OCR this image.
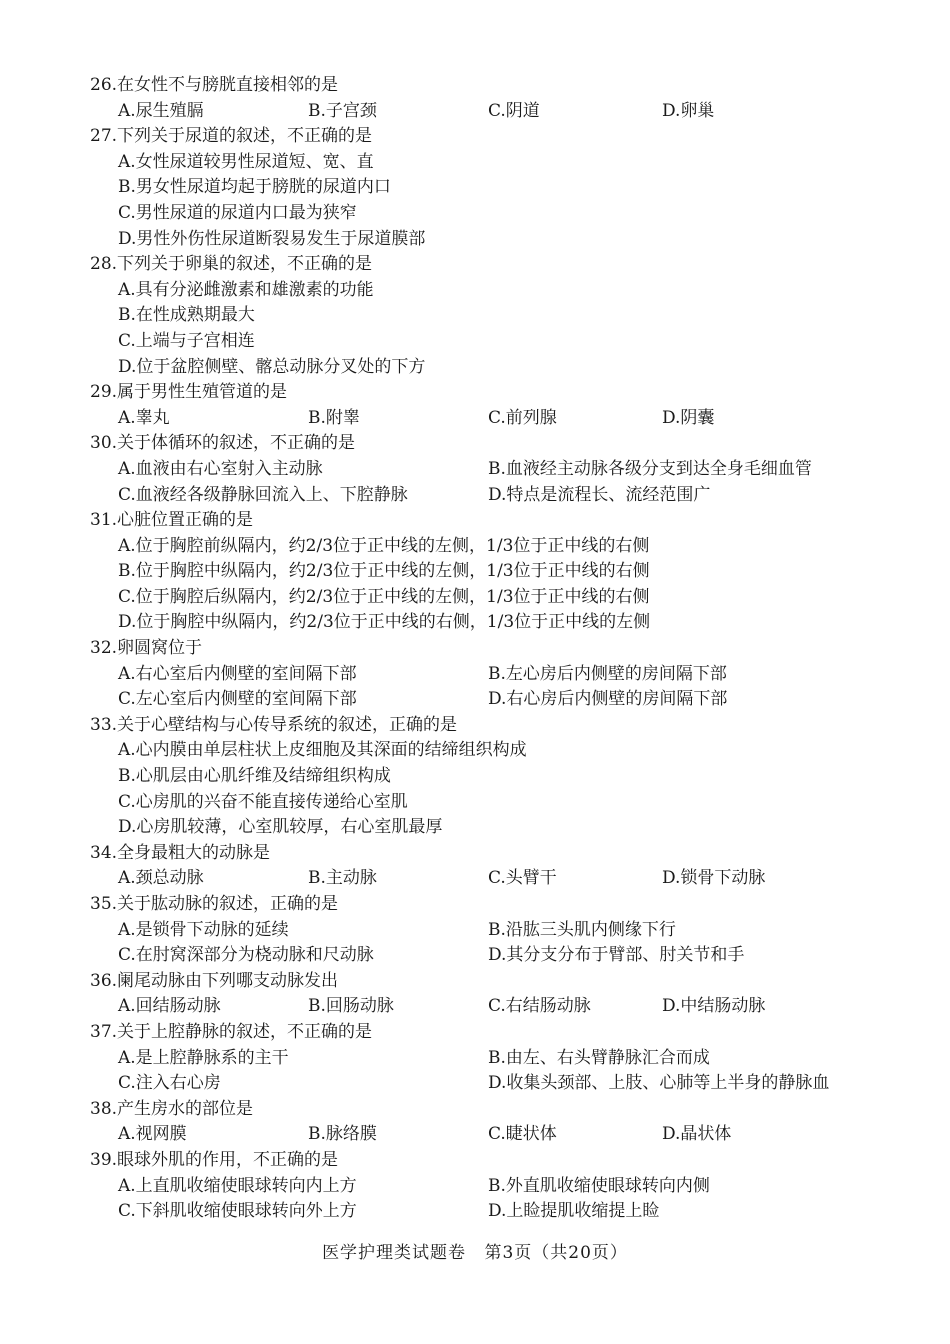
26.在女性不与膀胱直接相邻的是
A.尿生殖膈	B.子宫颈	C.阴道	D.卵巢
27.下列关于尿道的叙述，不正确的是
A.女性尿道较男性尿道短、宽、直
B.男女性尿道均起于膀胱的尿道内口
C.男性尿道的尿道内口最为狭窄
D.男性外伤性尿道断裂易发生于尿道膜部
28.下列关于卵巢的叙述，不正确的是
A.具有分泌雌激素和雄激素的功能
B.在性成熟期最大
C.上端与子宫相连
D.位于盆腔侧壁、髂总动脉分叉处的下方
29.属于男性生殖管道的是
A.睾丸	B.附睾	C.前列腺	D.阴囊
30.关于体循环的叙述，不正确的是
A.血液由右心室射入主动脉	B.血液经主动脉各级分支到达全身毛细血管
C.血液经各级静脉回流入上、下腔静脉	D.特点是流程长、流经范围广
31.心脏位置正确的是
A.位于胸腔前纵隔内，约2/3位于正中线的左侧，1/3位于正中线的右侧
B.位于胸腔中纵隔内，约2/3位于正中线的左侧，1/3位于正中线的右侧
C.位于胸腔后纵隔内，约2/3位于正中线的左侧，1/3位于正中线的右侧
D.位于胸腔中纵隔内，约2/3位于正中线的右侧，1/3位于正中线的左侧
32.卵圆窝位于
A.右心室后内侧壁的室间隔下部	B.左心房后内侧壁的房间隔下部
C.左心室后内侧壁的室间隔下部	D.右心房后内侧壁的房间隔下部
33.关于心壁结构与心传导系统的叙述，正确的是
A.心内膜由单层柱状上皮细胞及其深面的结缔组织构成
B.心肌层由心肌纤维及结缔组织构成
C.心房肌的兴奋不能直接传递给心室肌
D.心房肌较薄，心室肌较厚，右心室肌最厚
34.全身最粗大的动脉是
A.颈总动脉	B.主动脉	C.头臂干	D.锁骨下动脉
35.关于肱动脉的叙述，正确的是
A.是锁骨下动脉的延续	B.沿肱三头肌内侧缘下行
C.在肘窝深部分为桡动脉和尺动脉	D.其分支分布于臂部、肘关节和手
36.阑尾动脉由下列哪支动脉发出
A.回结肠动脉	B.回肠动脉	C.右结肠动脉	D.中结肠动脉
37.关于上腔静脉的叙述，不正确的是
A.是上腔静脉系的主干	B.由左、右头臂静脉汇合而成
C.注入右心房	D.收集头颈部、上肢、心肺等上半身的静脉血
38.产生房水的部位是
A.视网膜	B.脉络膜	C.睫状体	D.晶状体
39.眼球外肌的作用，不正确的是
A.上直肌收缩使眼球转向内上方	B.外直肌收缩使眼球转向内侧
C.下斜肌收缩使眼球转向外上方	D.上睑提肌收缩提上睑
医学护理类试题卷 第3页（共20页）
